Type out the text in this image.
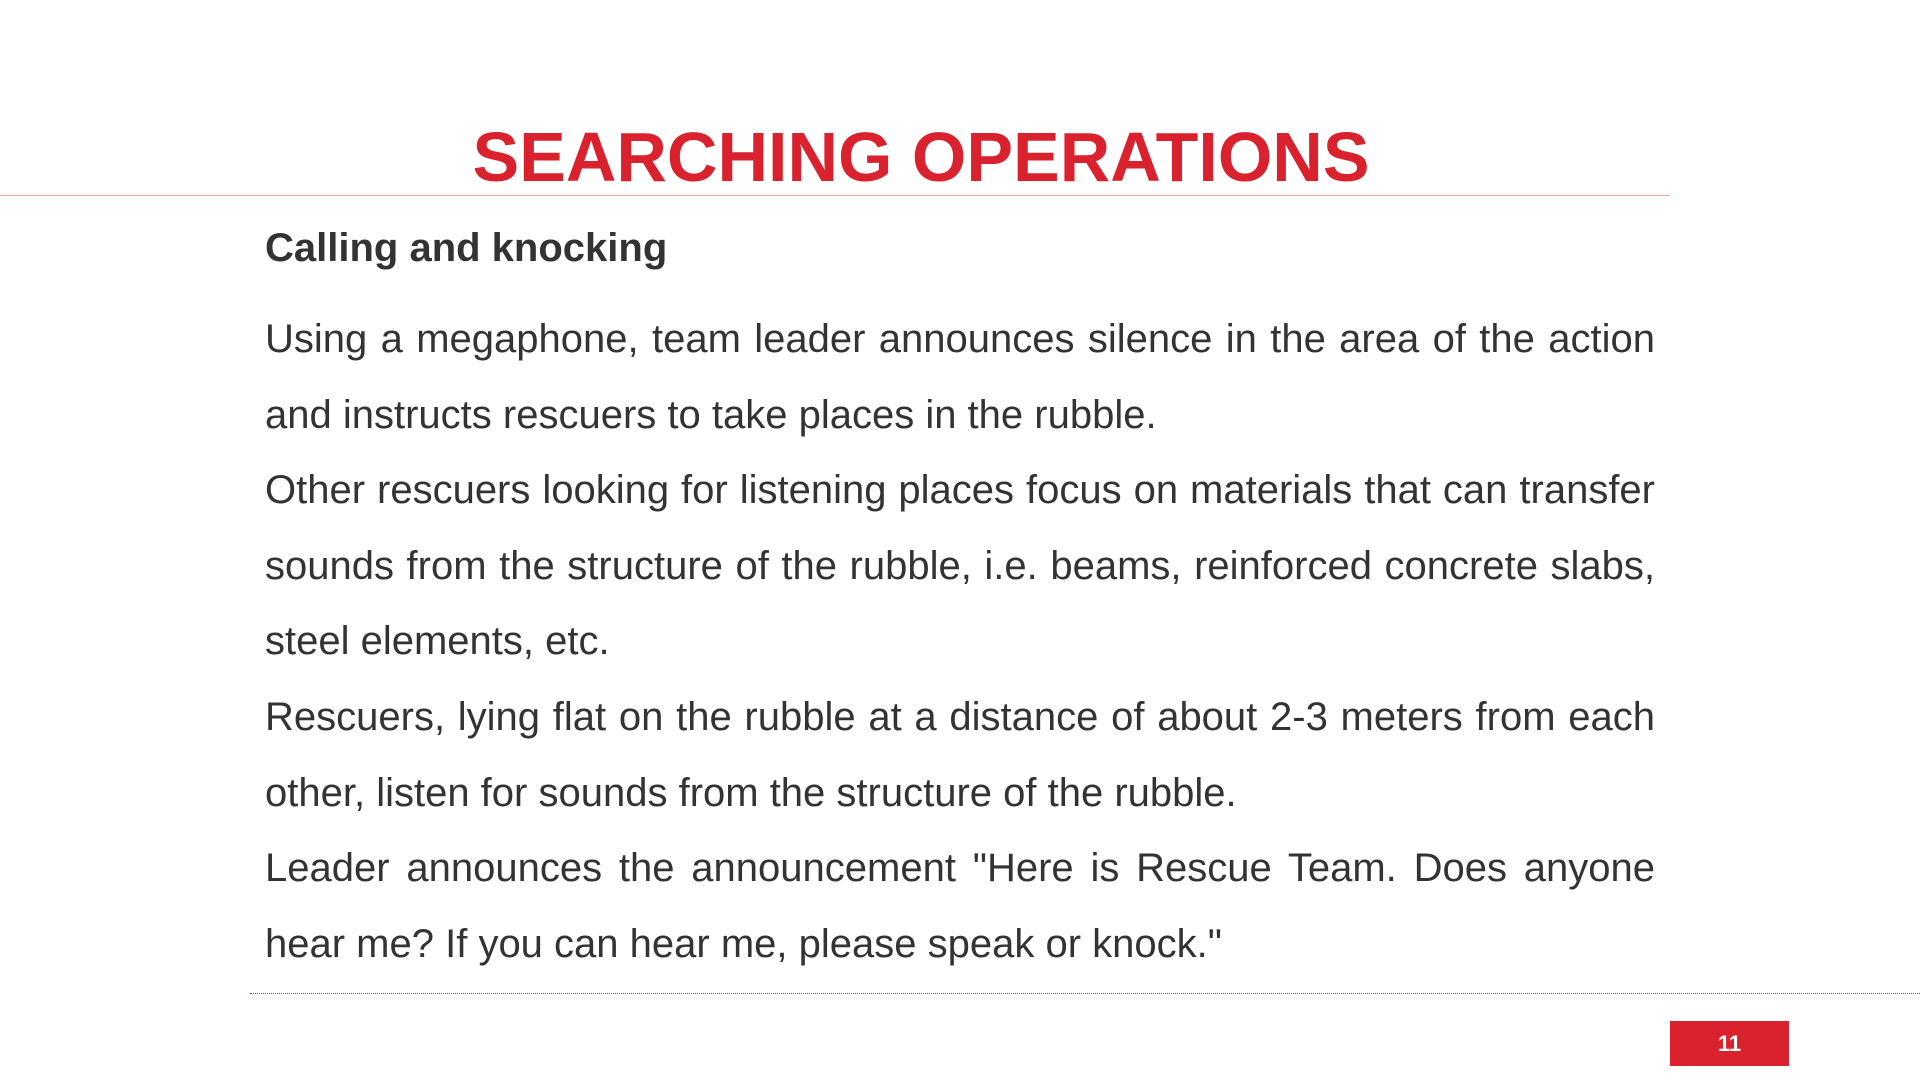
SEARCHING OPERATIONS
Calling and knocking

Using a megaphone, team leader announces silence in the area of the action and instructs rescuers to take places in the rubble.

Other rescuers looking for listening places focus on materials that can transfer sounds from the structure of the rubble, i.e. beams, reinforced concrete slabs, steel elements, etc.

Rescuers, lying flat on the rubble at a distance of about 2-3 meters from each other, listen for sounds from the structure of the rubble.

Leader announces the announcement "Here is Rescue Team. Does anyone hear me? If you can hear me, please speak or knock."

11
